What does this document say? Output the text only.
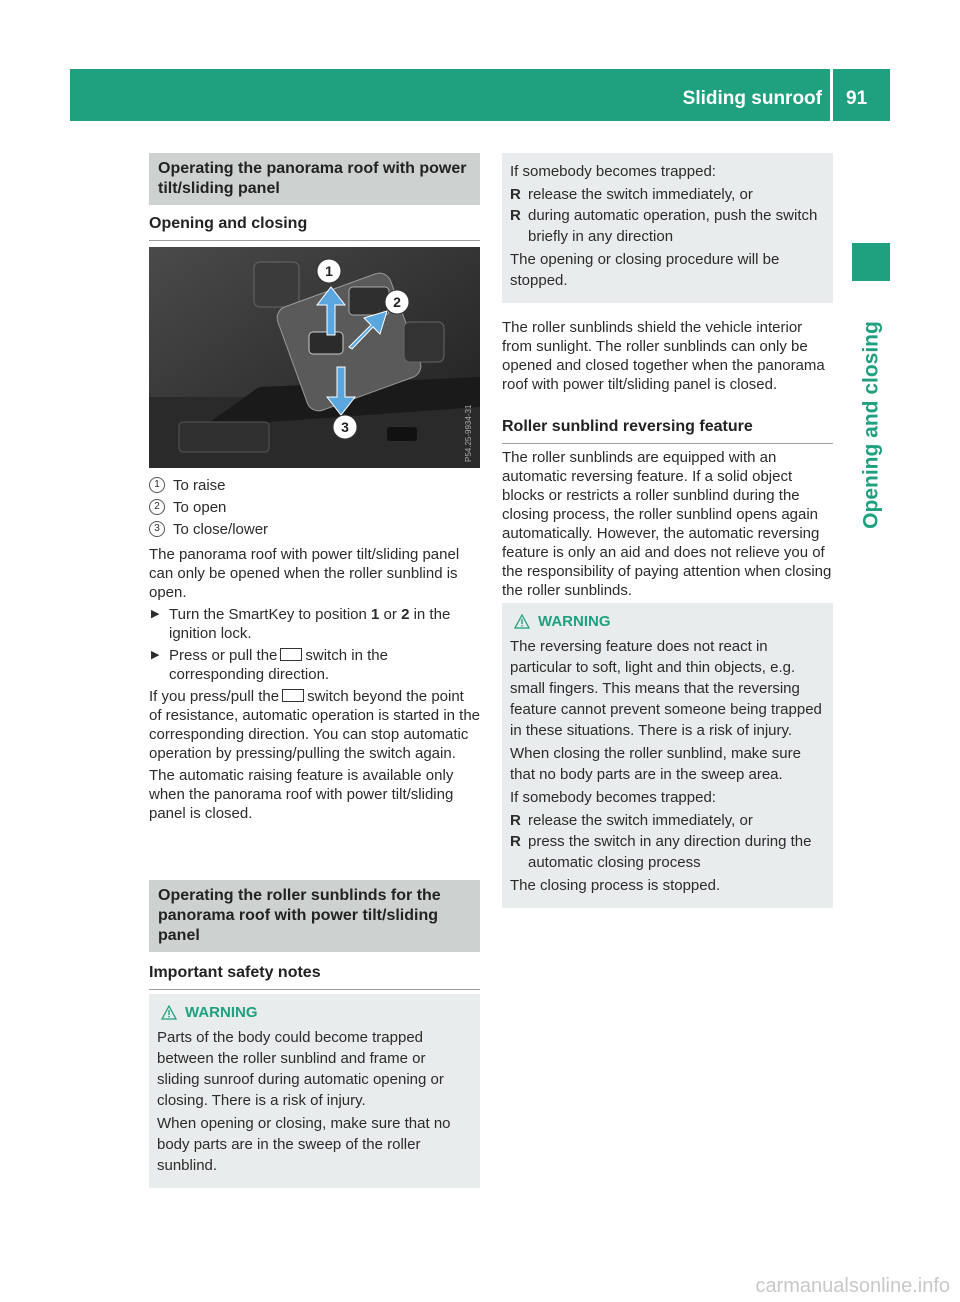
Sliding sunroof 91
Opening and closing
Operating the panorama roof with power tilt/sliding panel
Opening and closing
1
2
3	P54.25-9934-31
1 To raise
2 To open
3 To close/lower

The panorama roof with power tilt/sliding panel can only be opened when the roller sunblind is open.

▶ Turn the SmartKey to position 1 or 2 in the ignition lock.
▶ Press or pull the switch in the corresponding direction.

If you press/pull the switch beyond the point of resistance, automatic operation is started in the corresponding direction. You can stop automatic operation by pressing/pulling the switch again.

The automatic raising feature is available only when the panorama roof with power tilt/sliding panel is closed.

Operating the roller sunblinds for the panorama roof with power tilt/sliding panel
Important safety notes
WARNING

Parts of the body could become trapped between the roller sunblind and frame or sliding sunroof during automatic opening or closing. There is a risk of injury.

When opening or closing, make sure that no body parts are in the sweep of the roller sunblind.

If somebody becomes trapped:

R release the switch immediately, or
R during automatic operation, push the switch briefly in any direction

The opening or closing procedure will be stopped.

The roller sunblinds shield the vehicle interior from sunlight. The roller sunblinds can only be opened and closed together when the panorama roof with power tilt/sliding panel is closed.
Roller sunblind reversing feature
The roller sunblinds are equipped with an automatic reversing feature. If a solid object blocks or restricts a roller sunblind during the closing process, the roller sunblind opens again automatically. However, the automatic reversing feature is only an aid and does not relieve you of the responsibility of paying attention when closing the roller sunblinds.
WARNING

The reversing feature does not react in particular to soft, light and thin objects, e.g. small fingers. This means that the reversing feature cannot prevent someone being trapped in these situations. There is a risk of injury.

When closing the roller sunblind, make sure that no body parts are in the sweep area.

If somebody becomes trapped:

R release the switch immediately, or
R press the switch in any direction during the automatic closing process

The closing process is stopped.

carmanualsonline.info
